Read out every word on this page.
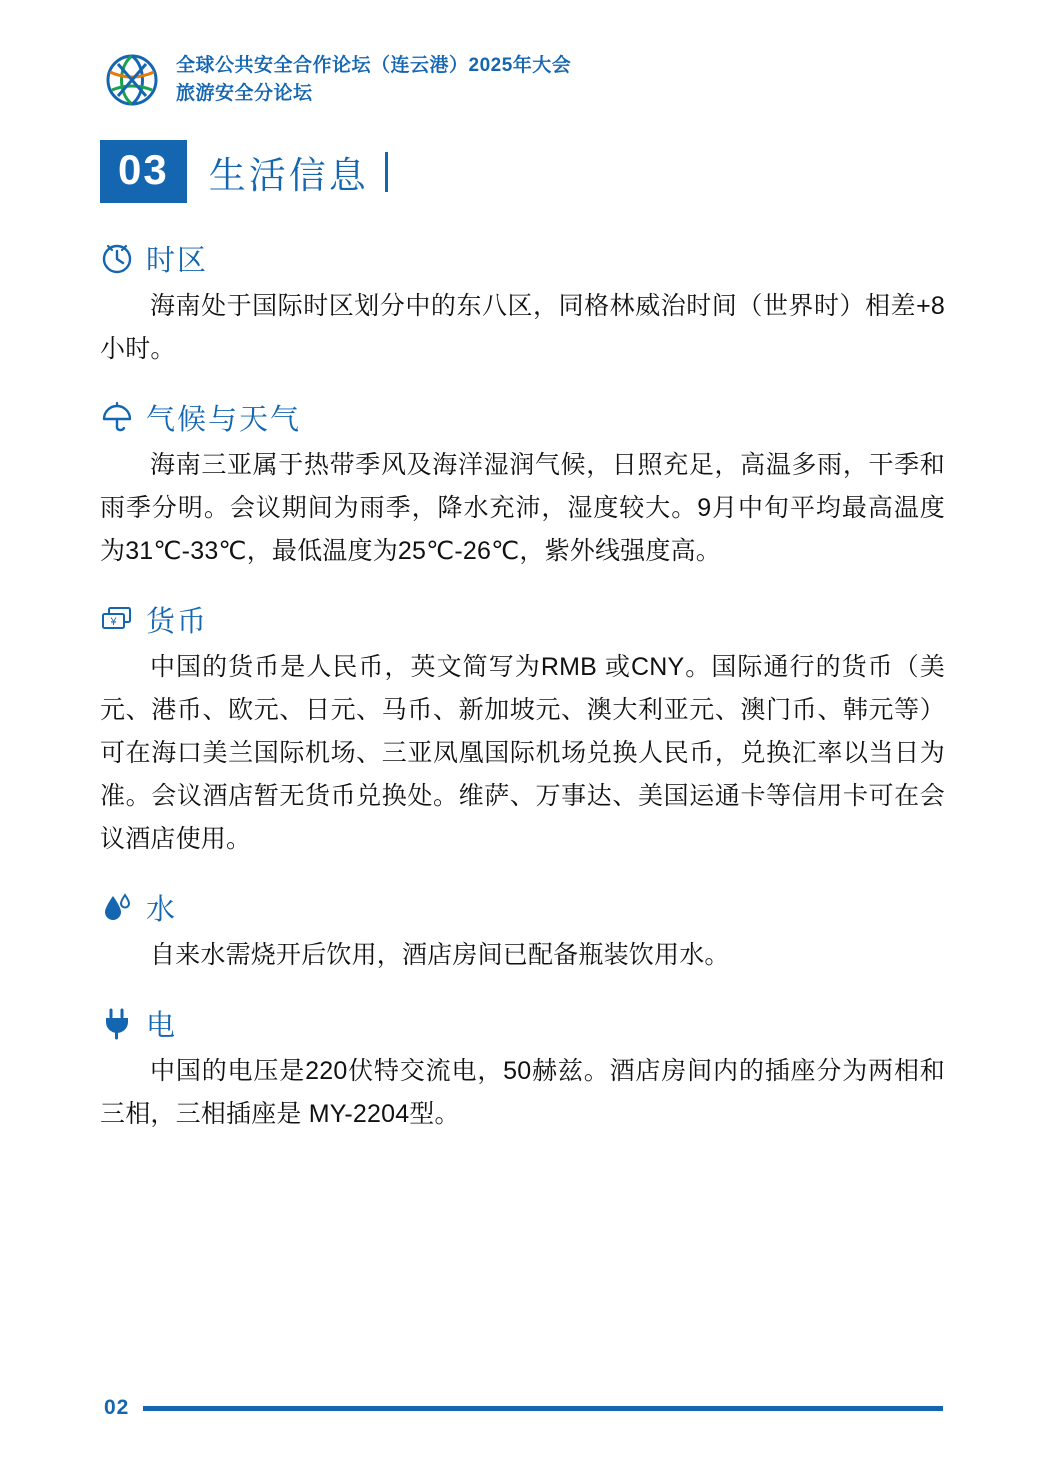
全球公共安全合作论坛（连云港）2025年大会
旅游安全分论坛
03	生活信息
时区

海南处于国际时区划分中的东八区，同格林威治时间（世界时）相差+8小时。

气候与天气

海南三亚属于热带季风及海洋湿润气候，日照充足，高温多雨，干季和雨季分明。会议期间为雨季，降水充沛，湿度较大。9月中旬平均最高温度为31℃-33℃，最低温度为25℃-26℃，紫外线强度高。

¥ 货币

中国的货币是人民币，英文简写为RMB 或CNY。国际通行的货币（美元、港币、欧元、日元、马币、新加坡元、澳大利亚元、澳门币、韩元等）可在海口美兰国际机场、三亚凤凰国际机场兑换人民币，兑换汇率以当日为准。会议酒店暂无货币兑换处。维萨、万事达、美国运通卡等信用卡可在会议酒店使用。

水

自来水需烧开后饮用，酒店房间已配备瓶装饮用水。

电

中国的电压是220伏特交流电，50赫兹。酒店房间内的插座分为两相和三相，三相插座是 MY-2204型。

02
